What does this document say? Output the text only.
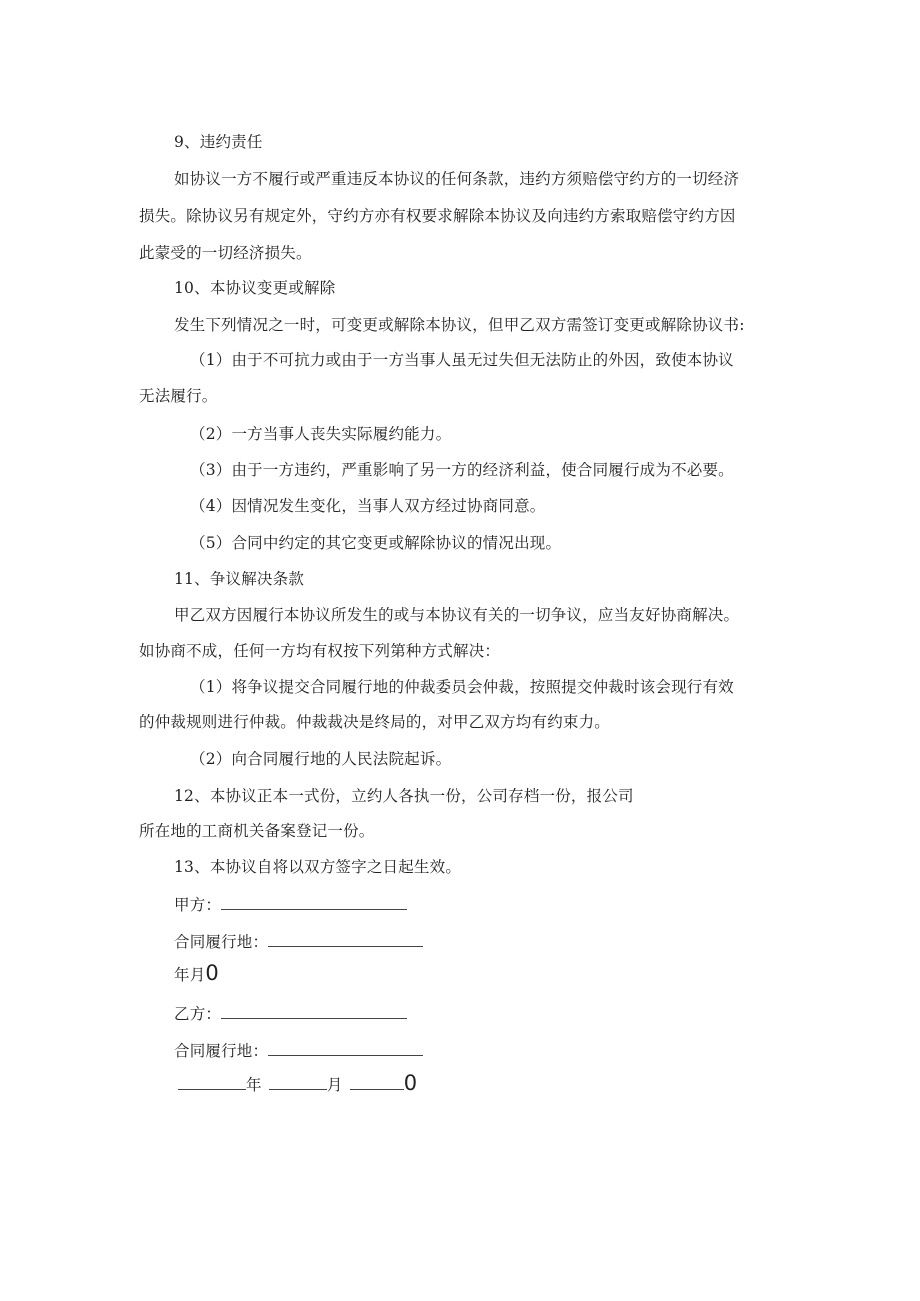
9、违约责任
如协议一方不履行或严重违反本协议的任何条款，违约方须赔偿守约方的一切经济
损失。除协议另有规定外，守约方亦有权要求解除本协议及向违约方索取赔偿守约方因
此蒙受的一切经济损失。
10、本协议变更或解除
发生下列情况之一时，可变更或解除本协议，但甲乙双方需签订变更或解除协议书:
（1）由于不可抗力或由于一方当事人虽无过失但无法防止的外因，致使本协议
无法履行。
（2）一方当事人丧失实际履约能力。
（3）由于一方违约，严重影响了另一方的经济利益，使合同履行成为不必要。
（4）因情况发生变化，当事人双方经过协商同意。
（5）合同中约定的其它变更或解除协议的情况出现。
11、争议解决条款
甲乙双方因履行本协议所发生的或与本协议有关的一切争议，应当友好协商解决。
如协商不成，任何一方均有权按下列第种方式解决：
（1）将争议提交合同履行地的仲裁委员会仲裁，按照提交仲裁时该会现行有效
的仲裁规则进行仲裁。仲裁裁决是终局的，对甲乙双方均有约束力。
（2）向合同履行地的人民法院起诉。
12、本协议正本一式份，立约人各执一份，公司存档一份，报公司
所在地的工商机关备案登记一份。
13、本协议自将以双方签字之日起生效。
甲方：
合同履行地：
年月0
乙方：
合同履行地：
年	月	0
